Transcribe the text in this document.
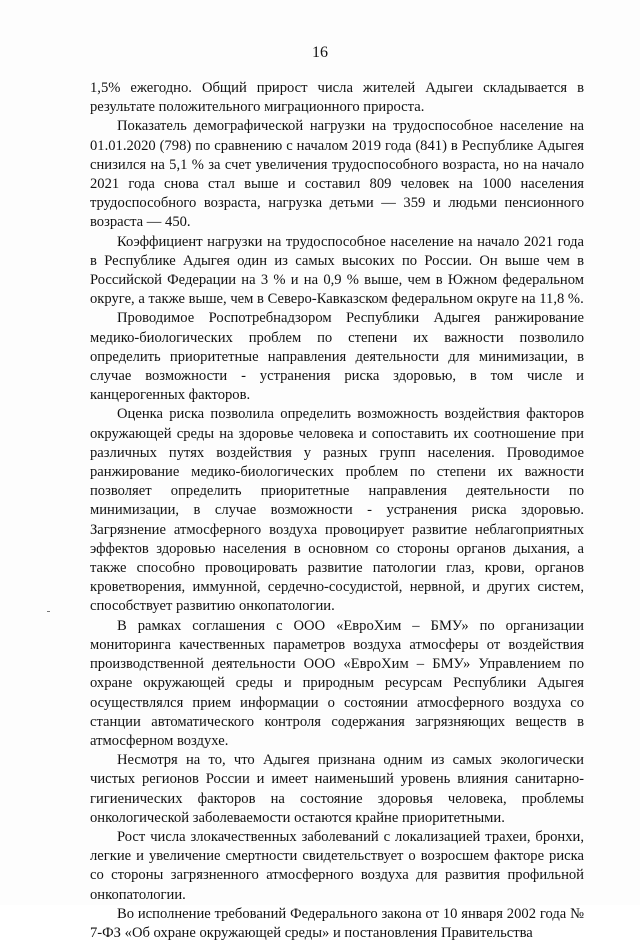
16

1,5% ежегодно. Общий прирост числа жителей Адыгеи складывается в результате положительного миграционного прироста.

Показатель демографической нагрузки на трудоспособное население на 01.01.2020 (798) по сравнению с началом 2019 года (841) в Республике Адыгея снизился на 5,1 % за счет увеличения трудоспособного возраста, но на начало 2021 года снова стал выше и составил 809 человек на 1000 населения трудоспособного возраста, нагрузка детьми — 359 и людьми пенсионного возраста — 450.

Коэффициент нагрузки на трудоспособное население на начало 2021 года в Республике Адыгея один из самых высоких по России. Он выше чем в Российской Федерации на 3 % и на 0,9 % выше, чем в Южном федеральном округе, а также выше, чем в Северо-Кавказском федеральном округе на 11,8 %.

Проводимое Роспотребнадзором Республики Адыгея ранжирование медико-биологических проблем по степени их важности позволило определить приоритетные направления деятельности для минимизации, в случае возможности - устранения риска здоровью, в том числе и канцерогенных факторов.

Оценка риска позволила определить возможность воздействия факторов окружающей среды на здоровье человека и сопоставить их соотношение при различных путях воздействия у разных групп населения. Проводимое ранжирование медико-биологических проблем по степени их важности позволяет определить приоритетные направления деятельности по минимизации, в случае возможности - устранения риска здоровью. Загрязнение атмосферного воздуха провоцирует развитие неблагоприятных эффектов здоровью населения в основном со стороны органов дыхания, а также способно провоцировать развитие патологии глаз, крови, органов кроветворения, иммунной, сердечно-сосудистой, нервной, и других систем, способствует развитию онкопатологии.

В рамках соглашения с ООО «ЕвроХим – БМУ» по организации мониторинга качественных параметров воздуха атмосферы от воздействия производственной деятельности ООО «ЕвроХим – БМУ» Управлением по охране окружающей среды и природным ресурсам Республики Адыгея осуществлялся прием информации о состоянии атмосферного воздуха со станции автоматического контроля содержания загрязняющих веществ в атмосферном воздухе.

Несмотря на то, что Адыгея признана одним из самых экологически чистых регионов России и имеет наименьший уровень влияния санитарно-гигиенических факторов на состояние здоровья человека, проблемы онкологической заболеваемости остаются крайне приоритетными.

Рост числа злокачественных заболеваний с локализацией трахеи, бронхи, легкие и увеличение смертности свидетельствует о возросшем факторе риска со стороны загрязненного атмосферного воздуха для развития профильной онкопатологии.

Во исполнение требований Федерального закона от 10 января 2002 года № 7-ФЗ «Об охране окружающей среды» и постановления Правительства
